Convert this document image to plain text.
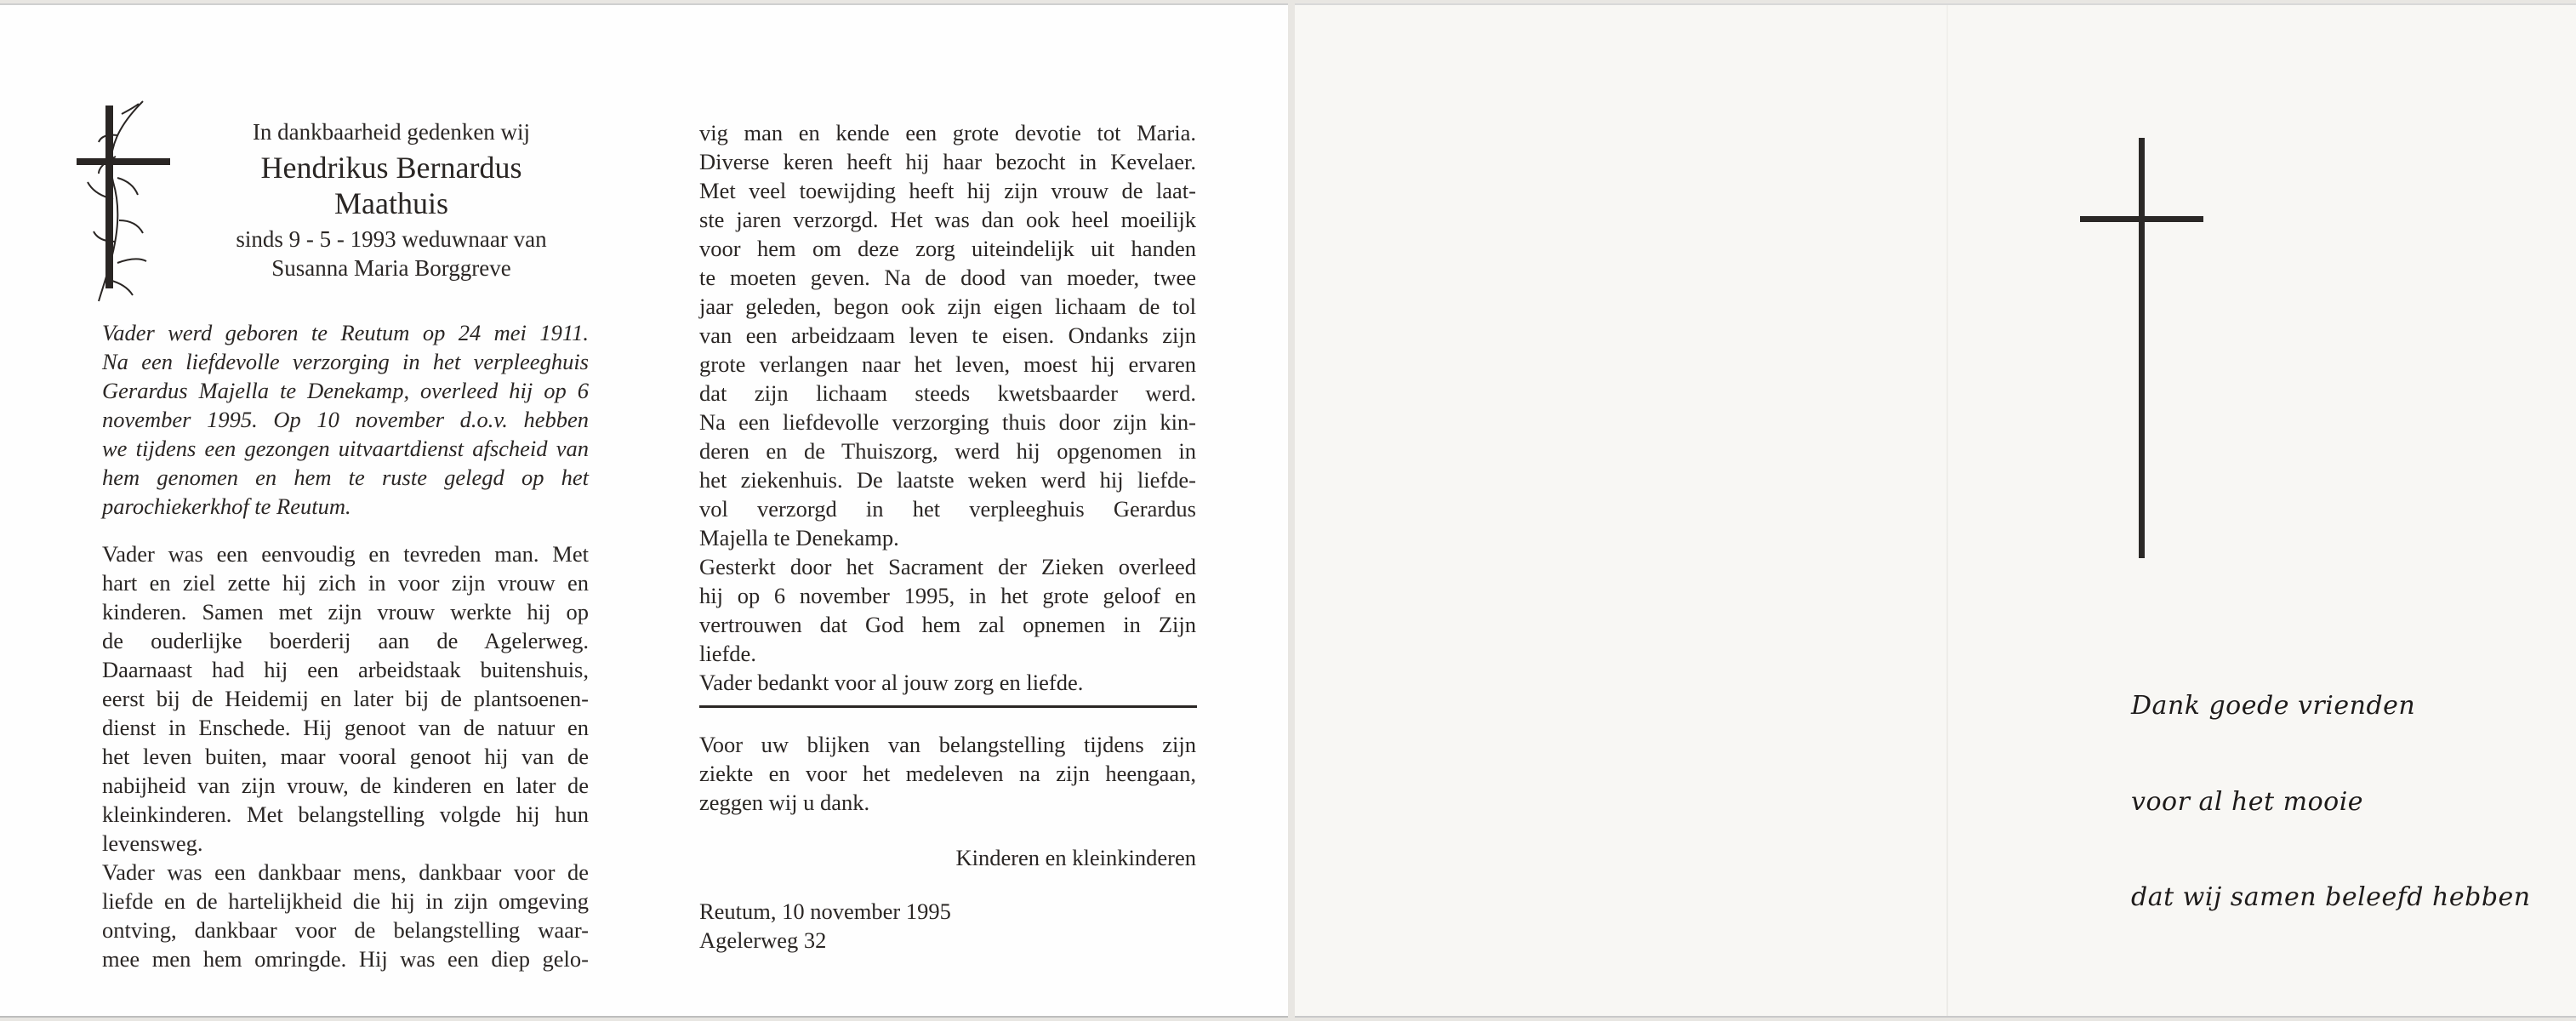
In dankbaarheid gedenken wij
Hendrikus Bernardus
Maathuis
sinds 9 - 5 - 1993 weduwnaar van
Susanna Maria Borggreve
Vader werd geboren te Reutum op 24 mei 1911.
Na een liefdevolle verzorging in het verpleeghuis
Gerardus Majella te Denekamp, overleed hij op 6
november 1995. Op 10 november d.o.v. hebben
we tijdens een gezongen uitvaartdienst afscheid van
hem genomen en hem te ruste gelegd op het
parochiekerkhof te Reutum.
Vader was een eenvoudig en tevreden man. Met
hart en ziel zette hij zich in voor zijn vrouw en
kinderen. Samen met zijn vrouw werkte hij op
de ouderlijke boerderij aan de Agelerweg.
Daarnaast had hij een arbeidstaak buitenshuis,
eerst bij de Heidemij en later bij de plantsoenen-
dienst in Enschede. Hij genoot van de natuur en
het leven buiten, maar vooral genoot hij van de
nabijheid van zijn vrouw, de kinderen en later de
kleinkinderen. Met belangstelling volgde hij hun
levensweg.
Vader was een dankbaar mens, dankbaar voor de
liefde en de hartelijkheid die hij in zijn omgeving
ontving, dankbaar voor de belangstelling waar-
mee men hem omringde. Hij was een diep gelo-
vig man en kende een grote devotie tot Maria.
Diverse keren heeft hij haar bezocht in Kevelaer.
Met veel toewijding heeft hij zijn vrouw de laat-
ste jaren verzorgd. Het was dan ook heel moeilijk
voor hem om deze zorg uiteindelijk uit handen
te moeten geven. Na de dood van moeder, twee
jaar geleden, begon ook zijn eigen lichaam de tol
van een arbeidzaam leven te eisen. Ondanks zijn
grote verlangen naar het leven, moest hij ervaren
dat zijn lichaam steeds kwetsbaarder werd.
Na een liefdevolle verzorging thuis door zijn kin-
deren en de Thuiszorg, werd hij opgenomen in
het ziekenhuis. De laatste weken werd hij liefde-
vol verzorgd in het verpleeghuis Gerardus
Majella te Denekamp.
Gesterkt door het Sacrament der Zieken overleed
hij op 6 november 1995, in het grote geloof en
vertrouwen dat God hem zal opnemen in Zijn
liefde.
Vader bedankt voor al jouw zorg en liefde.
Voor uw blijken van belangstelling tijdens zijn
ziekte en voor het medeleven na zijn heengaan,
zeggen wij u dank.
Kinderen en kleinkinderen
Reutum, 10 november 1995
Agelerweg 32
Dank goede vrienden
voor al het mooie
dat wij samen beleefd hebben
